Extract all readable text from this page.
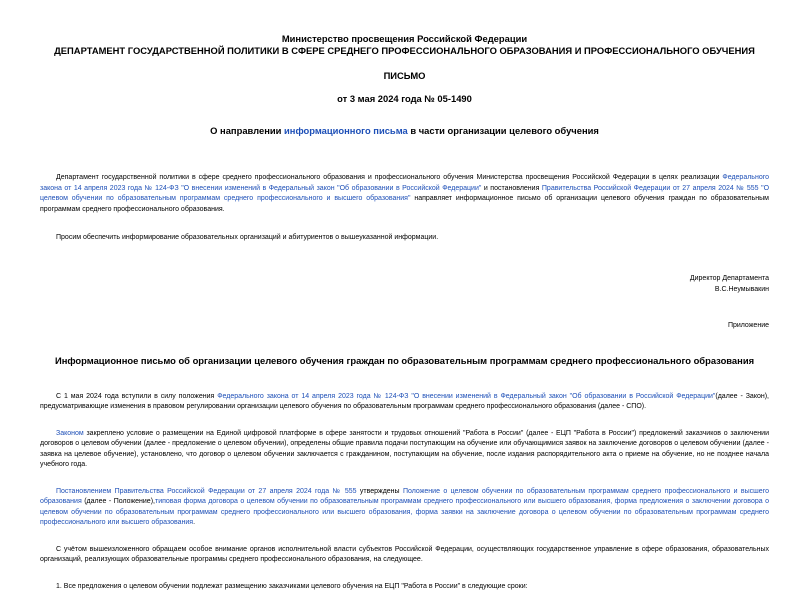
Министерство просвещения Российской Федерации
ДЕПАРТАМЕНТ ГОСУДАРСТВЕННОЙ ПОЛИТИКИ В СФЕРЕ СРЕДНЕГО ПРОФЕССИОНАЛЬНОГО ОБРАЗОВАНИЯ И ПРОФЕССИОНАЛЬНОГО ОБУЧЕНИЯ
ПИСЬМО
от 3 мая 2024 года № 05-1490
О направлении информационного письма в части организации целевого обучения
Департамент государственной политики в сфере среднего профессионального образования и профессионального обучения Министерства просвещения Российской Федерации в целях реализации Федерального закона от 14 апреля 2023 года № 124-ФЗ "О внесении изменений в Федеральный закон "Об образовании в Российской Федерации" и постановления Правительства Российской Федерации от 27 апреля 2024 № 555 "О целевом обучении по образовательным программам среднего профессионального и высшего образования" направляет информационное письмо об организации целевого обучения граждан по образовательным программам среднего профессионального образования.
Просим обеспечить информирование образовательных организаций и абитуриентов о вышеуказанной информации.
Директор Департамента
В.С.Неумывакин
Приложение
Информационное письмо об организации целевого обучения граждан по образовательным программам среднего профессионального образования
С 1 мая 2024 года вступили в силу положения Федерального закона от 14 апреля 2023 года № 124-ФЗ "О внесении изменений в Федеральный закон "Об образовании в Российской Федерации"(далее - Закон), предусматривающие изменения в правовом регулировании организации целевого обучения по образовательным программам среднего профессионального образования (далее - СПО).
Законом закреплено условие о размещении на Единой цифровой платформе в сфере занятости и трудовых отношений "Работа в России" (далее - ЕЦП "Работа в России") предложений заказчиков о заключении договоров о целевом обучении (далее - предложение о целевом обучении), определены общие правила подачи поступающим на обучение или обучающимися заявок на заключение договоров о целевом обучении (далее - заявка на целевое обучение), установлено, что договор о целевом обучении заключается с гражданином, поступающим на обучение, после издания распорядительного акта о приеме на обучение, но не позднее начала учебного года.
Постановлением Правительства Российской Федерации от 27 апреля 2024 года № 555 утверждены Положение о целевом обучении по образовательным программам среднего профессионального и высшего образования (далее - Положение),типовая форма договора о целевом обучении по образовательным программам среднего профессионального или высшего образования, форма предложения о заключении договора о целевом обучении по образовательным программам среднего профессионального или высшего образования, форма заявки на заключение договора о целевом обучении по образовательным программам среднего профессионального или высшего образования.
С учётом вышеизложенного обращаем особое внимание органов исполнительной власти субъектов Российской Федерации, осуществляющих государственное управление в сфере образования, образовательных организаций, реализующих образовательные программы среднего профессионального образования, на следующее.
1. Все предложения о целевом обучении подлежат размещению заказчиками целевого обучения на ЕЦП "Работа в России" в следующие сроки:
